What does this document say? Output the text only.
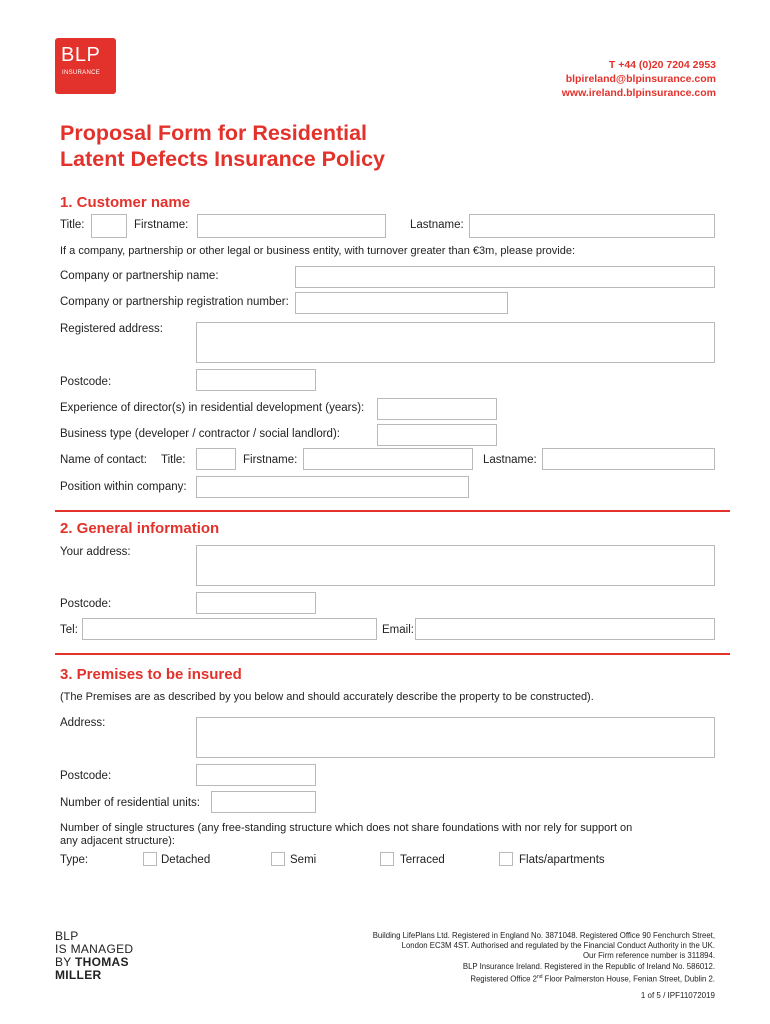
BLP
INSURANCE
T +44 (0)20 7204 2953
blpireland@blpinsurance.com
www.ireland.blpinsurance.com
Proposal Form for Residential
Latent Defects Insurance Policy
1. Customer name
Title:	Firstname:	Lastname:
If a company, partnership or other legal or business entity, with turnover greater than €3m, please provide:
Company or partnership name:
Company or partnership registration number:
Registered address:
Postcode:
Experience of director(s) in residential development (years):
Business type (developer / contractor / social landlord):
Name of contact: Title:	Firstname:	Lastname:
Position within company:
2. General information
Your address:
Postcode:
Tel:	Email:
3. Premises to be insured
(The Premises are as described by you below and should accurately describe the property to be constructed).
Address:
Postcode:
Number of residential units:
Number of single structures (any free-standing structure which does not share foundations with nor rely for support on
any adjacent structure):
Type:	Detached	Semi	Terraced	Flats/apartments
BLP
IS MANAGED
BY THOMAS
MILLER
Building LifePlans Ltd. Registered in England No. 3871048. Registered Office 90 Fenchurch Street,
London EC3M 4ST. Authorised and regulated by the Financial Conduct Authority in the UK.
Our Firm reference number is 311894.
BLP Insurance Ireland. Registered in the Republic of Ireland No. 586012.
Registered Office 2nd Floor Palmerston House, Fenian Street, Dublin 2.
1 of 5 / IPF11072019
